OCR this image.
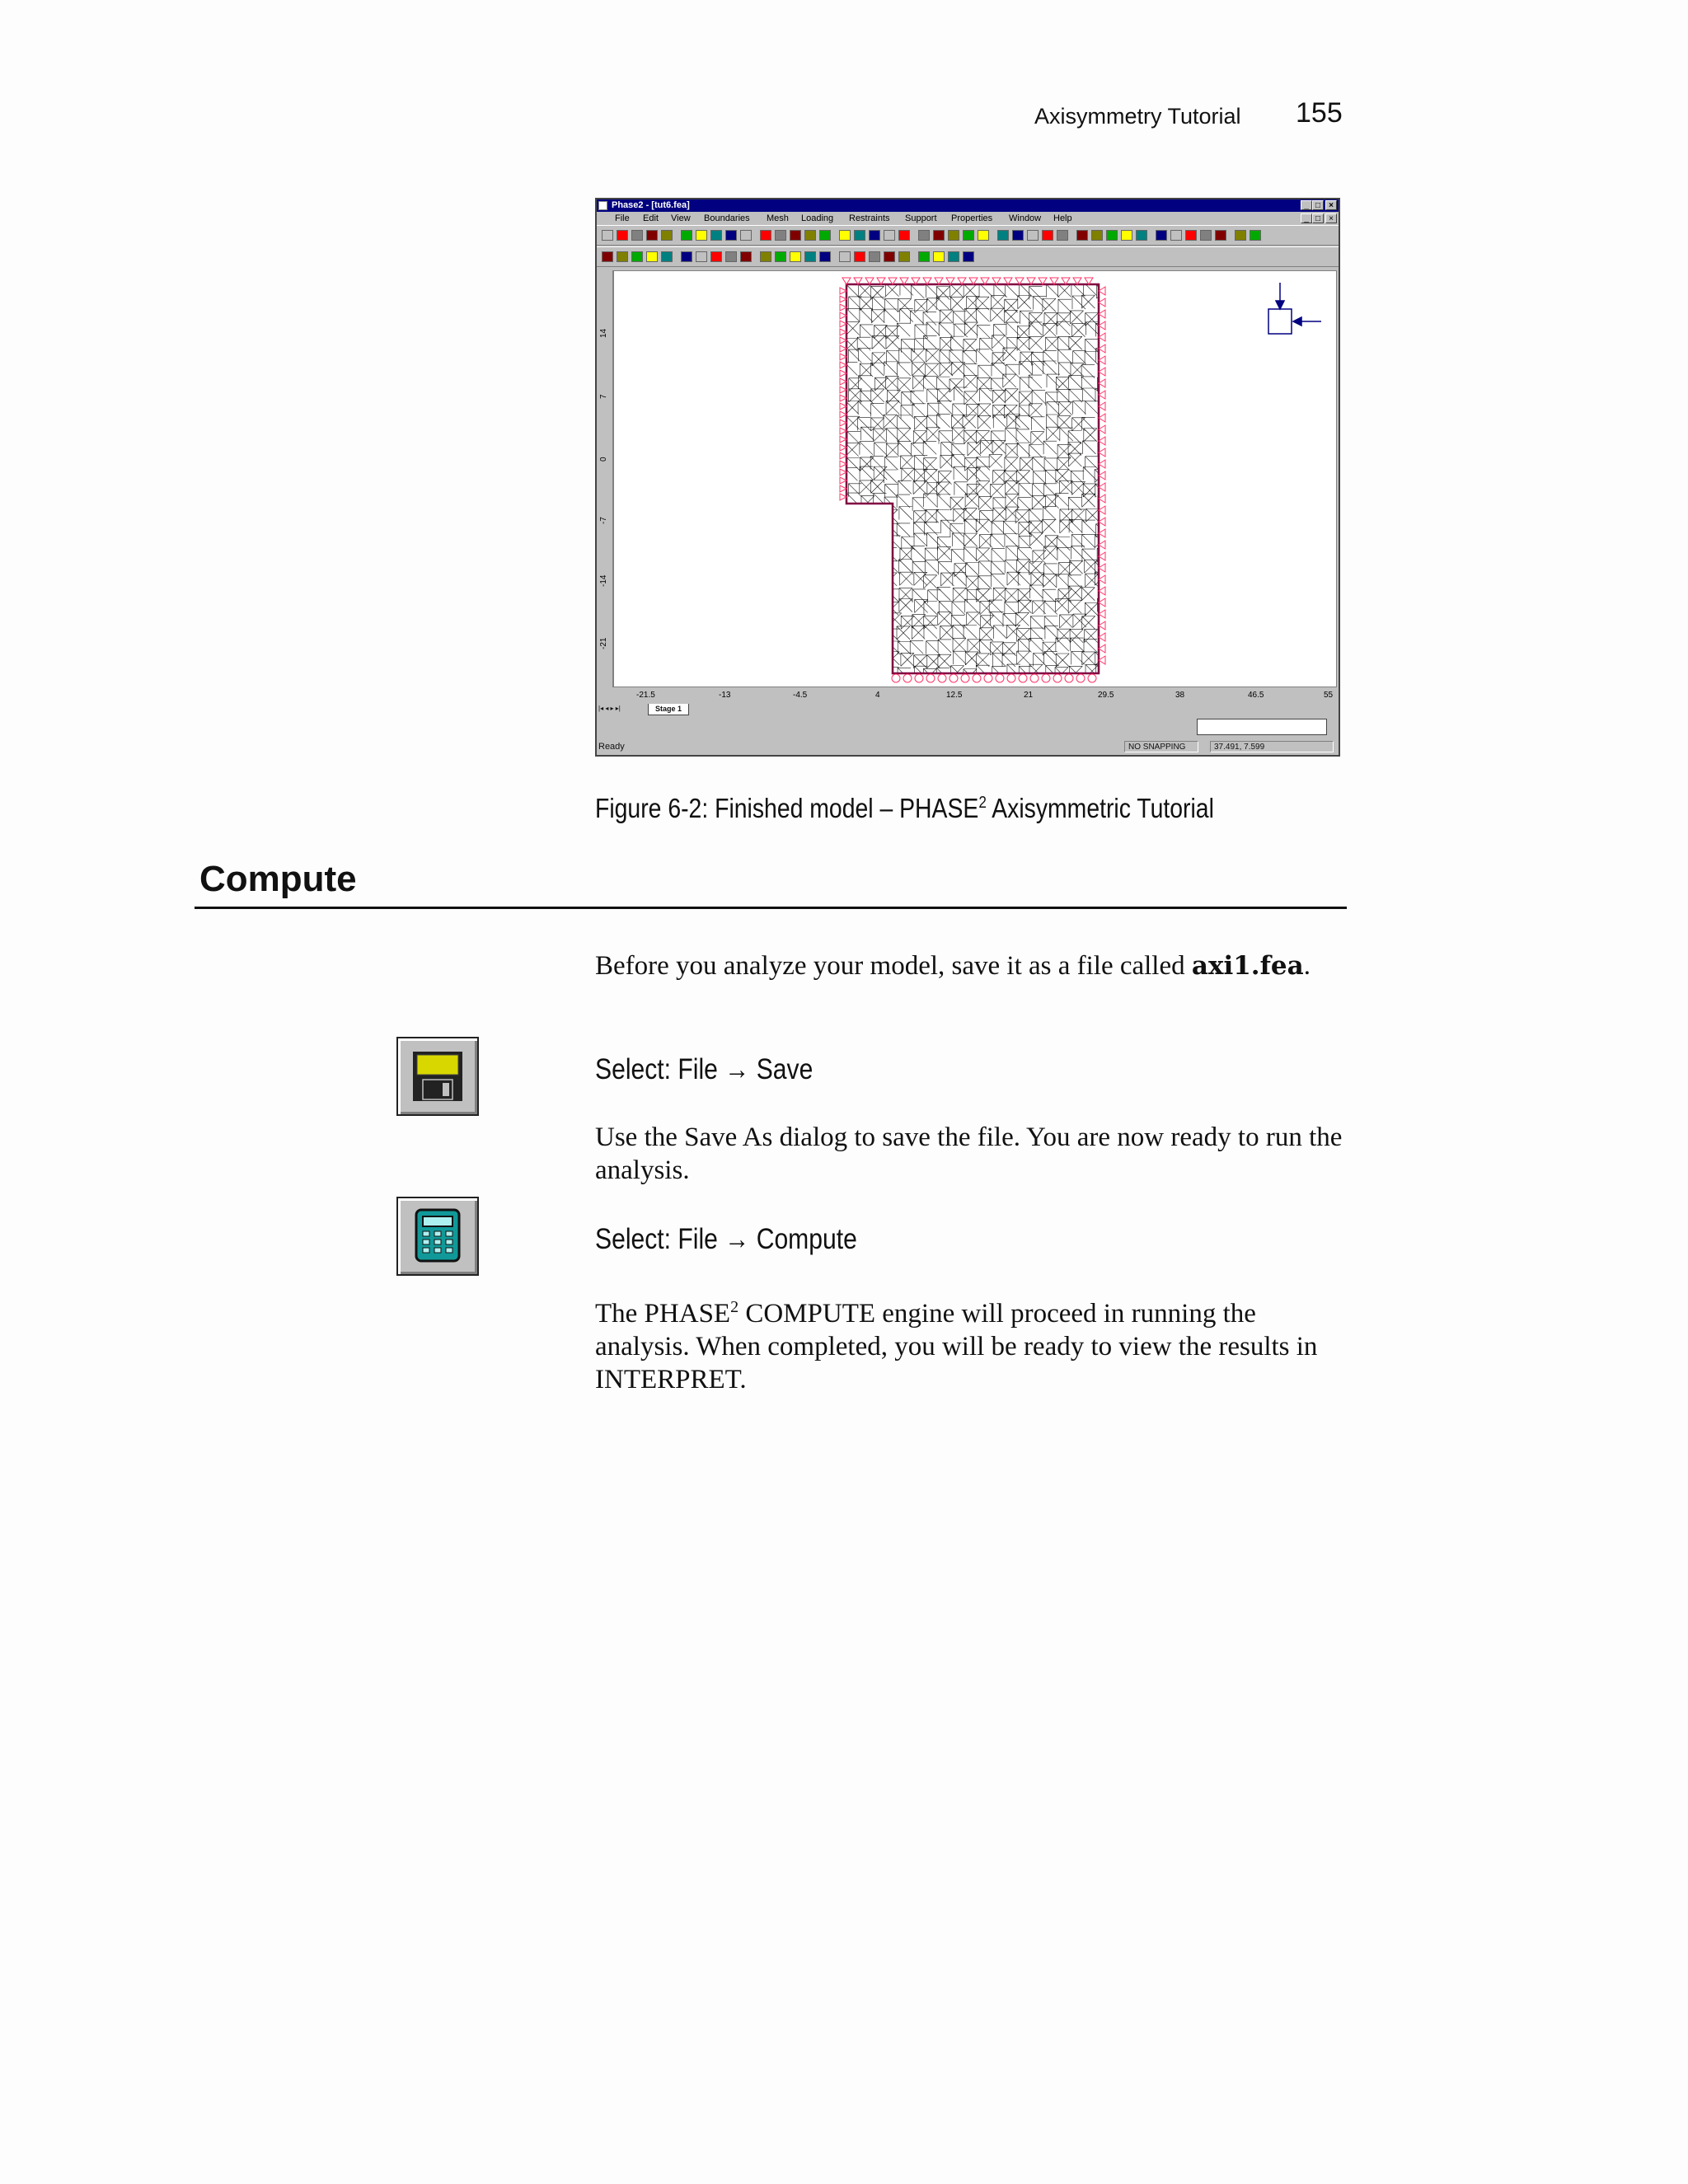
Axisymmetry Tutorial 155
Phase2 - [tut6.fea]	_ □	×
File Edit View Boundaries Mesh Loading Restraints Support Properties Window Help	_ □	×
14
7
0
-7
-14
-21
-21.5	-13	-4.5	4	12.5	21	29.5	38	46.5	55
|◂ ◂ ▸ ▸|	Stage 1
Ready	NO SNAPPING	37.491, 7.599
Figure 6-2: Finished model – PHASE$^2$ Axisymmetric Tutorial
Compute
Before you analyze your model, save it as a file called axi1.fea.
Select: File → Save
Use the Save As dialog to save the file. You are now ready to run the analysis.
Select: File → Compute
The PHASE$^2$ COMPUTE engine will proceed in running the analysis. When completed, you will be ready to view the results in INTERPRET.
